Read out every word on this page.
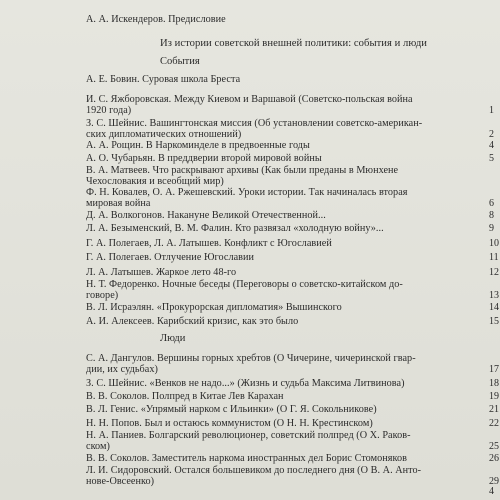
А. А. Искендеров. Предисловие
Из истории советской внешней политики: события и люди
События
А. Е. Бовин. Суровая школа Бреста
И. С. Яжборовская. Между Киевом и Варшавой (Советско-польская война
1920 года)	1
З. С. Шейнис. Вашингтонская миссия (Об установлении советско-американ-
ских дипломатических отношений)	2
А. А. Рощин. В Наркоминделе в предвоенные годы	4
А. О. Чубарьян. В преддверии второй мировой войны	5
В. А. Матвеев. Что раскрывают архивы (Как были преданы в Мюнхене
Чехословакия и всеобщий мир)
Ф. Н. Ковалев, О. А. Ржешевский. Уроки истории. Так начиналась вторая
мировая война	6
Д. А. Волкогонов. Накануне Великой Отечественной...	8
Л. А. Безыменский, В. М. Фалин. Кто развязал «холодную войну»...	9
Г. А. Полегаев, Л. А. Латышев. Конфликт с Югославией	10
Г. А. Полегаев. Отлучение Югославии	11
Л. А. Латышев. Жаркое лето 48-го	12
Н. Т. Федоренко. Ночные беседы (Переговоры о советско-китайском до-
говоре)	13
В. Л. Исраэлян. «Прокурорская дипломатия» Вышинского	14
А. И. Алексеев. Карибский кризис, как это было	15
Люди
С. А. Дангулов. Вершины горных хребтов (О Чичерине, чичеринской гвар-
дии, их судьбах)	17
З. С. Шейнис. «Венков не надо...» (Жизнь и судьба Максима Литвинова)	18
В. В. Соколов. Полпред в Китае Лев Карахан	19
В. Л. Генис. «Упрямый нарком с Ильинки» (О Г. Я. Сокольникове)	21
Н. Н. Попов. Был и остаюсь коммунистом (О Н. Н. Крестинском)	22
Н. А. Паниев. Болгарский революционер, советский полпред (О Х. Раков-
ском)	25
В. В. Соколов. Заместитель наркома иностранных дел Борис Стомоняков	26
Л. И. Сидоровский. Остался большевиком до последнего дня (О В. А. Анто-
нове-Овсеенко)	29
4
